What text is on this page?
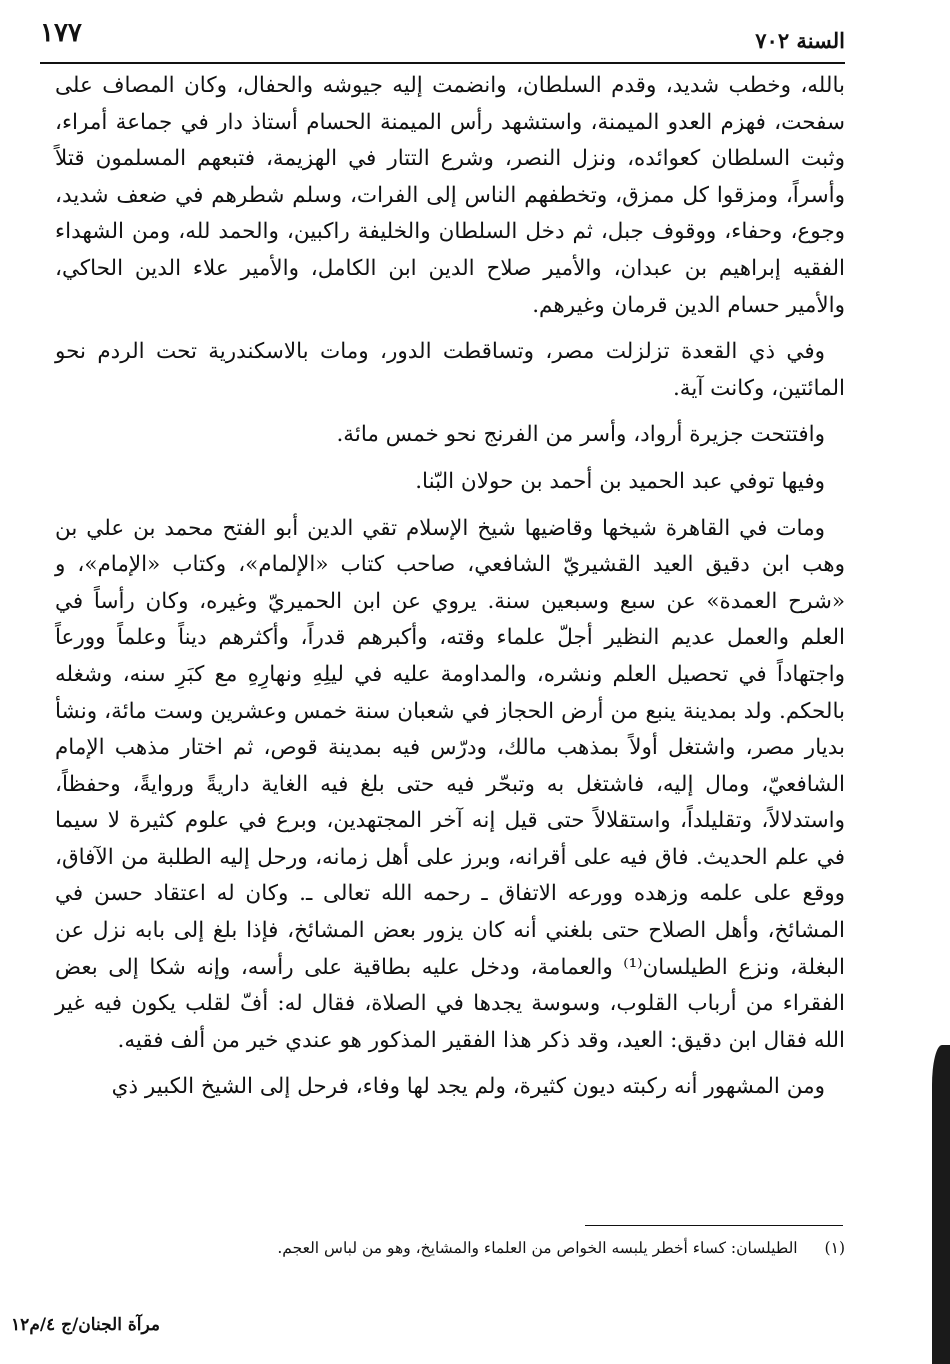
السنة ٧٠٢
١٧٧

بالله، وخطب شديد، وقدم السلطان، وانضمت إليه جيوشه والحفال، وكان المصاف على سفحت، فهزم العدو الميمنة، واستشهد رأس الميمنة الحسام أستاذ دار في جماعة أمراء، وثبت السلطان كعوائده، ونزل النصر، وشرع التتار في الهزيمة، فتبعهم المسلمون قتلاً وأسراً، ومزقوا كل ممزق، وتخطفهم الناس إلى الفرات، وسلم شطرهم في ضعف شديد، وجوع، وحفاء، ووقوف جبل، ثم دخل السلطان والخليفة راكبين، والحمد لله، ومن الشهداء الفقيه إبراهيم بن عبدان، والأمير صلاح الدين ابن الكامل، والأمير علاء الدين الحاكي، والأمير حسام الدين قرمان وغيرهم.

وفي ذي القعدة تزلزلت مصر، وتساقطت الدور، ومات بالاسكندرية تحت الردم نحو المائتين، وكانت آية.

وافتتحت جزيرة أرواد، وأسر من الفرنج نحو خمس مائة.

وفيها توفي عبد الحميد بن أحمد بن حولان البّنا.

ومات في القاهرة شيخها وقاضيها شيخ الإسلام تقي الدين أبو الفتح محمد بن علي بن وهب ابن دقيق العيد القشيريّ الشافعي، صاحب كتاب «الإلمام»، وكتاب «الإمام»، و «شرح العمدة» عن سبع وسبعين سنة. يروي عن ابن الحميريّ وغيره، وكان رأساً في العلم والعمل عديم النظير أجلّ علماء وقته، وأكبرهم قدراً، وأكثرهم ديناً وعلماً وورعاً واجتهاداً في تحصيل العلم ونشره، والمداومة عليه في ليلِهِ ونهارِهِ مع كبَرِ سنه، وشغله بالحكم. ولد بمدينة ينبع من أرض الحجاز في شعبان سنة خمس وعشرين وست مائة، ونشأ بديار مصر، واشتغل أولاً بمذهب مالك، ودرّس فيه بمدينة قوص، ثم اختار مذهب الإمام الشافعيّ، ومال إليه، فاشتغل به وتبحّر فيه حتى بلغ فيه الغاية داريةً وروايةً، وحفظاً، واستدلالاً، وتقليلداً، واستقلالاً حتى قيل إنه آخر المجتهدين، وبرع في علوم كثيرة لا سيما في علم الحديث. فاق فيه على أقرانه، وبرز على أهل زمانه، ورحل إليه الطلبة من الآفاق، ووقع على علمه وزهده وورعه الاتفاق ـ رحمه الله تعالى ـ. وكان له اعتقاد حسن في المشائخ، وأهل الصلاح حتى بلغني أنه كان يزور بعض المشائخ، فإذا بلغ إلى بابه نزل عن البغلة، ونزع الطيلسان⁽¹⁾ والعمامة، ودخل عليه بطاقية على رأسه، وإنه شكا إلى بعض الفقراء من أرباب القلوب، وسوسة يجدها في الصلاة، فقال له: أفّ لقلب يكون فيه غير الله فقال ابن دقيق: العيد، وقد ذكر هذا الفقير المذكور هو عندي خير من ألف فقيه.

ومن المشهور أنه ركبته ديون كثيرة، ولم يجد لها وفاء، فرحل إلى الشيخ الكبير ذي

(١) الطيلسان: كساء أخطر يلبسه الخواص من العلماء والمشايخ، وهو من لباس العجم.
مرآة الجنان/ج ٤/م١٢
